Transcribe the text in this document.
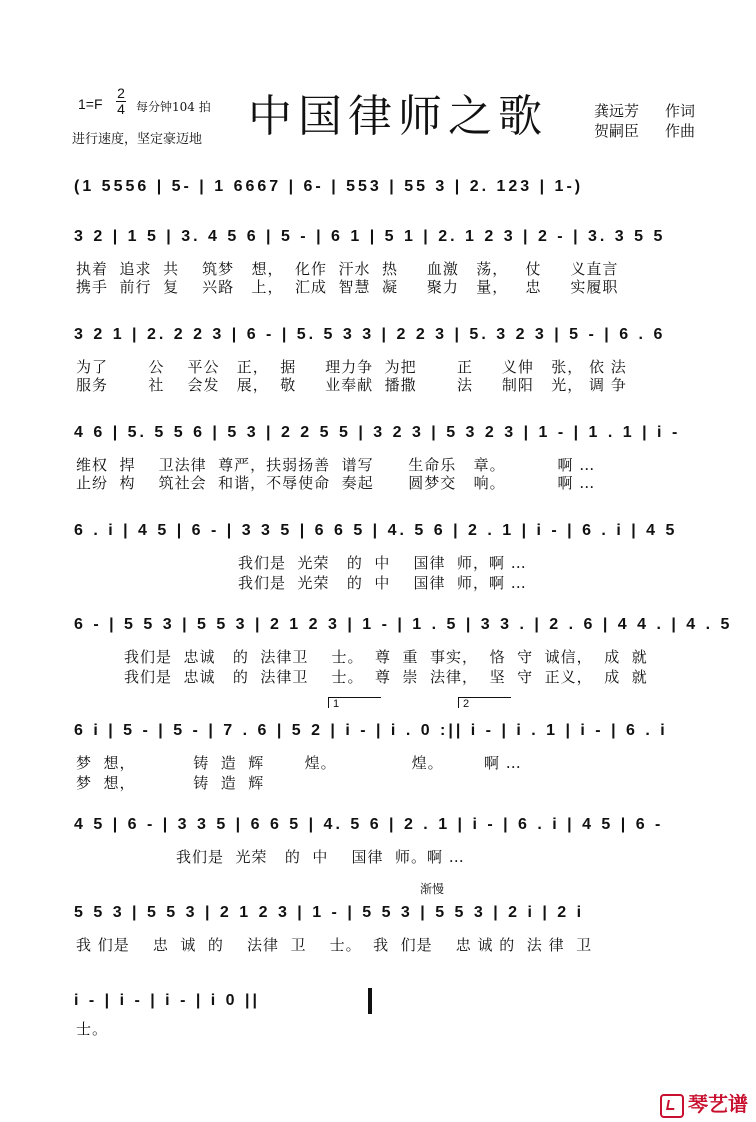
1=F
2
4 每分钟104 拍
进行速度，坚定豪迈地 中国律师之歌	龚远芳 作词
贺嗣臣 作曲
(1 5556 | 5- | 1 6667 | 6- | 553 | 55 3 | 2. 123 | 1-)
3 2 | 1 5 | 3. 4 5 6 | 5 - | 6 1 | 5 1 | 2. 1 2 3 | 2 - | 3. 3 5 5
执着  追求  共    筑梦   想，  化作  汗水  热     血激   荡，   仗     义直言
携手  前行  复    兴路   上，  汇成  智慧  凝     聚力   量，   忠     实履职
3 2 1 | 2. 2 2 3 | 6 - | 5. 5 3 3 | 2 2 3 | 5. 3 2 3 | 5 - | 6 . 6
为了       公    平公   正，  据     理力争  为把       正     义伸   张， 依 法
服务       社    会发   展，  敬     业奉献  播撒       法     制阳   光， 调 争
4 6 | 5. 5 5 6 | 5 3 | 2 2 5 5 | 3 2 3 | 5 3 2 3 | 1 - | 1 . 1 | i -
维权  捍    卫法律  尊严，扶弱扬善  谱写      生命乐   章。         啊 …
止纷  构    筑社会  和谐，不辱使命  奏起      圆梦交   响。         啊 …
6 . i | 4 5 | 6 - | 3 3 5 | 6 6 5 | 4. 5 6 | 2 . 1 | i - | 6 . i | 4 5
我们是  光荣   的  中    国律  师，啊 …
我们是  光荣   的  中    国律  师，啊 …
6 - | 5 5 3 | 5 5 3 | 2 1 2 3 | 1 - | 1 . 5 | 3 3 . | 2 . 6 | 4 4 . | 4 . 5
我们是  忠诚   的  法律卫    士。  尊  重  事实，  恪  守  诚信，  成  就
我们是  忠诚   的  法律卫    士。  尊  崇  法律，  坚  守  正义，  成  就
1	2
6 i | 5 - | 5 - | 7 . 6 | 5 2 | i - | i . 0 :|| i - | i . 1 | i - | 6 . i
梦  想，          铸  造  辉       煌。             煌。       啊 …
梦  想，          铸  造  辉
4 5 | 6 - | 3 3 5 | 6 6 5 | 4. 5 6 | 2 . 1 | i - | 6 . i | 4 5 | 6 -
我们是  光荣   的  中    国律  师。啊 …
渐慢
5 5 3 | 5 5 3 | 2 1 2 3 | 1 - | 5 5 3 | 5 5 3 | 2 i | 2 i
我 们是    忠  诚  的    法律  卫    士。  我  们是    忠 诚 的  法 律  卫
i - | i - | i - | i 0 ||
士。
琴艺谱
